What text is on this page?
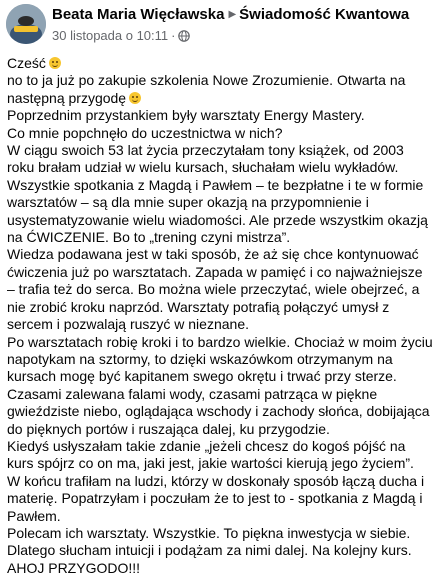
Beata Maria Więcławska ▶ Świadomość Kwantowa
30 listopada o 10:11 ·

Cześć

no to ja już po zakupie szkolenia Nowe Zrozumienie. Otwarta na następną przygodę

Poprzednim przystankiem były warsztaty Energy Mastery.

Co mnie popchnęło do uczestnictwa w nich?

W ciągu swoich 53 lat życia przeczytałam tony książek, od 2003 roku brałam udział w wielu kursach, słuchałam wielu wykładów.

Wszystkie spotkania z Magdą i Pawłem – te bezpłatne i te w formie warsztatów – są dla mnie super okazją na przypomnienie i usystematyzowanie wielu wiadomości. Ale przede wszystkim okazją na ĆWICZENIE. Bo to „trening czyni mistrza”.

Wiedza podawana jest w taki sposób, że aż się chce kontynuować ćwiczenia już po warsztatach. Zapada w pamięć i co najważniejsze – trafia też do serca. Bo można wiele przeczytać, wiele obejrzeć, a nie zrobić kroku naprzód. Warsztaty potrafią połączyć umysł z sercem i pozwalają ruszyć w nieznane.

Po warsztatach robię kroki i to bardzo wielkie. Chociaż w moim życiu napotykam na sztormy, to dzięki wskazówkom otrzymanym na kursach mogę być kapitanem swego okrętu i trwać przy sterze.

Czasami zalewana falami wody, czasami patrząca w piękne gwieździste niebo, oglądająca wschody i zachody słońca, dobijająca do pięknych portów i ruszająca dalej, ku przygodzie.

Kiedyś usłyszałam takie zdanie „jeżeli chcesz do kogoś pójść na kurs spójrz co on ma, jaki jest, jakie wartości kierują jego życiem”.

W końcu trafiłam na ludzi, którzy w doskonały sposób łączą ducha i materię. Popatrzyłam i poczułam że to jest to - spotkania z Magdą i Pawłem.

Polecam ich warsztaty. Wszystkie. To piękna inwestycja w siebie.

Dlatego słucham intuicji i podążam za nimi dalej. Na kolejny kurs.

AHOJ PRZYGODO!!!
